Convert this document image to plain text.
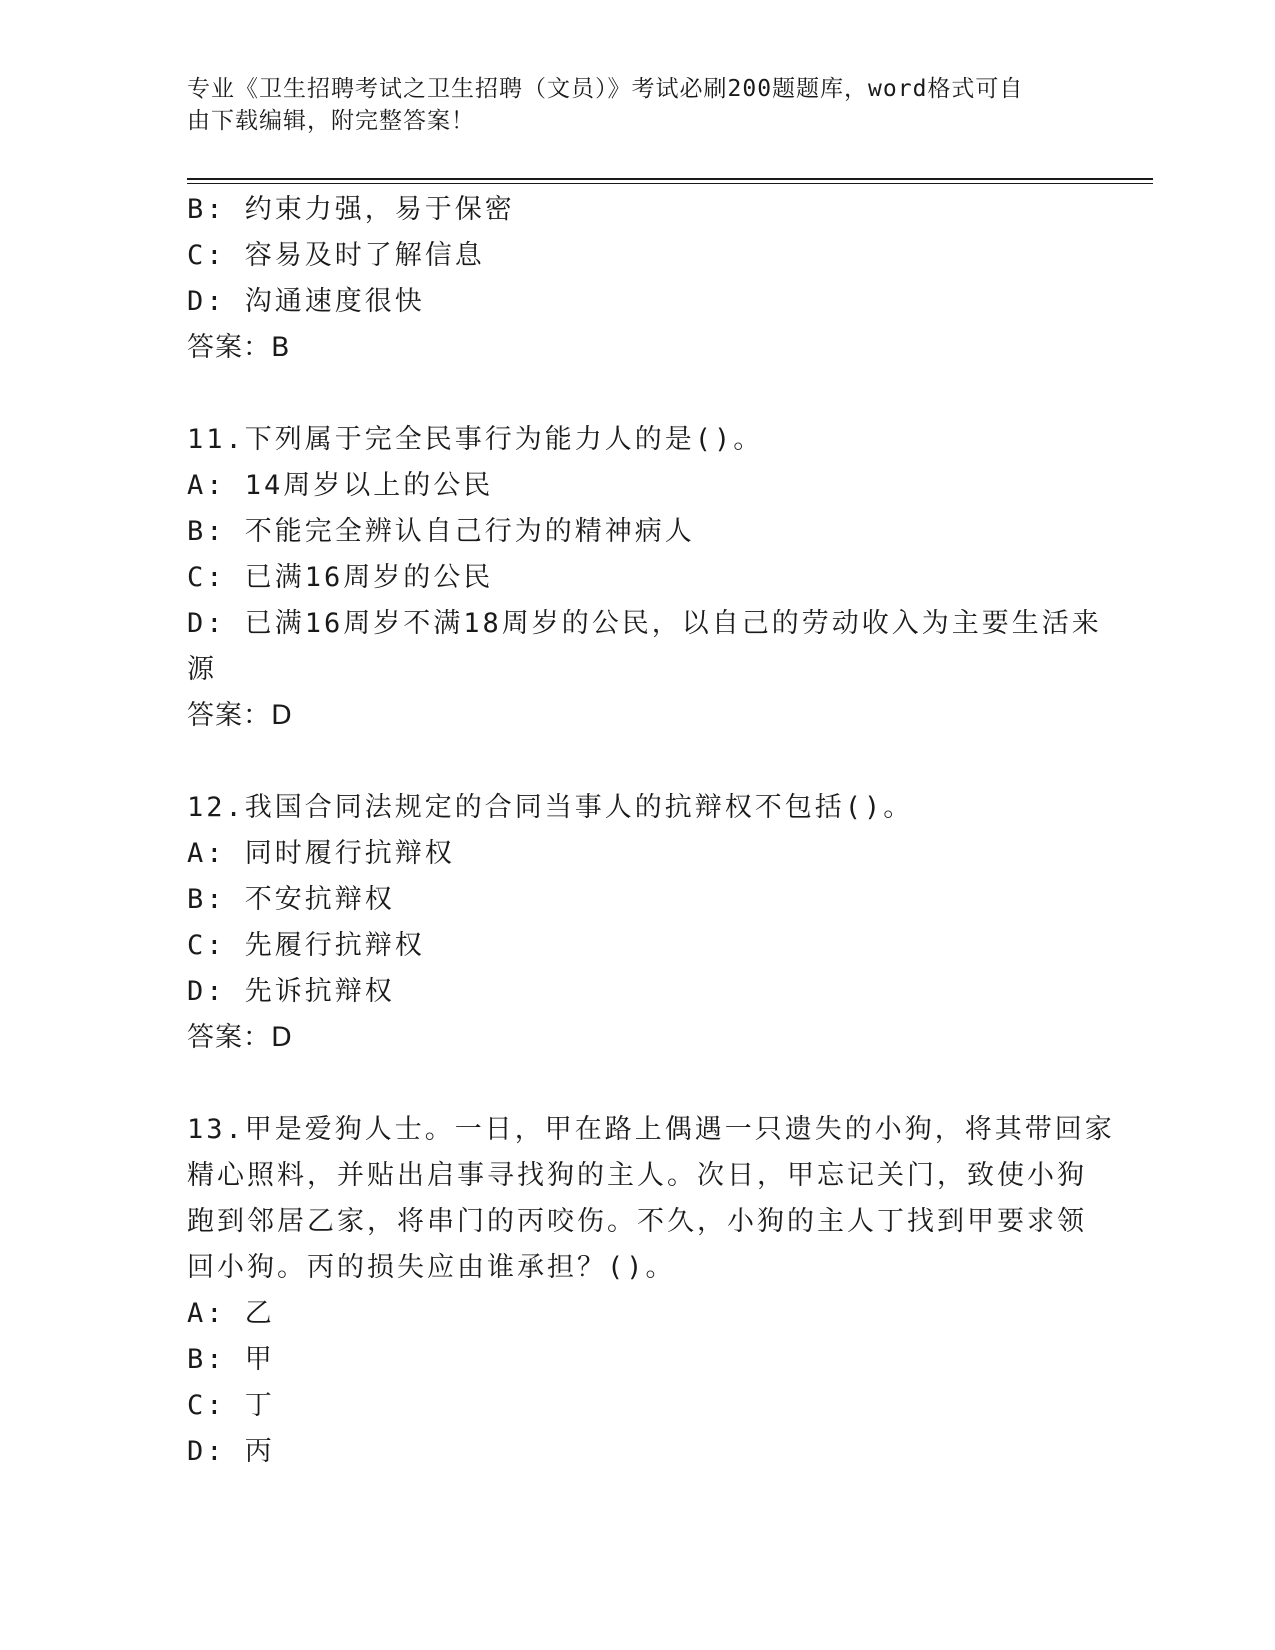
专业《卫生招聘考试之卫生招聘（文员）》考试必刷200题题库，word格式可自
由下载编辑，附完整答案！
B: 约束力强，易于保密
C: 容易及时了解信息
D: 沟通速度很快
答案：B
11.下列属于完全民事行为能力人的是()。
A: 14周岁以上的公民
B: 不能完全辨认自己行为的精神病人
C: 已满16周岁的公民
D: 已满16周岁不满18周岁的公民，以自己的劳动收入为主要生活来
源
答案：D
12.我国合同法规定的合同当事人的抗辩权不包括()。
A: 同时履行抗辩权
B: 不安抗辩权
C: 先履行抗辩权
D: 先诉抗辩权
答案：D
13.甲是爱狗人士。一日，甲在路上偶遇一只遗失的小狗，将其带回家
精心照料，并贴出启事寻找狗的主人。次日，甲忘记关门，致使小狗
跑到邻居乙家，将串门的丙咬伤。不久，小狗的主人丁找到甲要求领
回小狗。丙的损失应由谁承担？()。
A: 乙
B: 甲
C: 丁
D: 丙
